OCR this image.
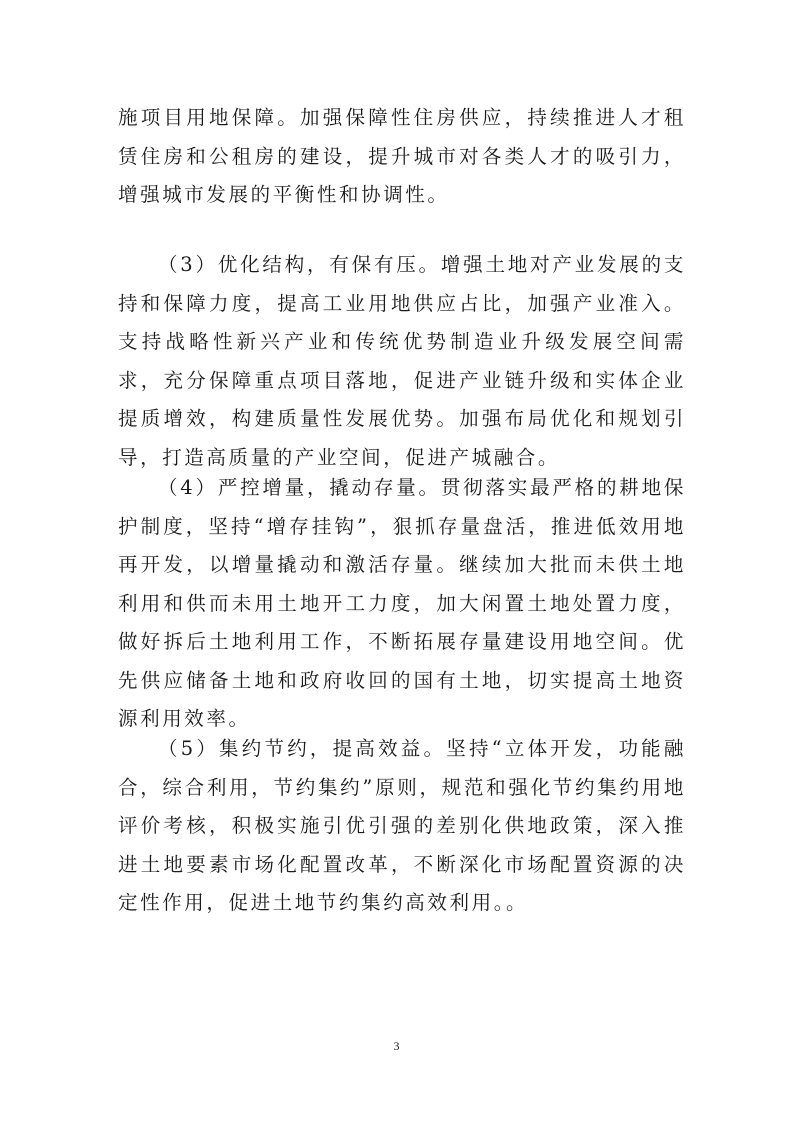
施项目用地保障。加强保障性住房供应，持续推进人才租赁住房和公租房的建设，提升城市对各类人才的吸引力，增强城市发展的平衡性和协调性。

（3）优化结构，有保有压。增强土地对产业发展的支持和保障力度，提高工业用地供应占比，加强产业准入。支持战略性新兴产业和传统优势制造业升级发展空间需求，充分保障重点项目落地，促进产业链升级和实体企业提质增效，构建质量性发展优势。加强布局优化和规划引导，打造高质量的产业空间，促进产城融合。

（4）严控增量，撬动存量。贯彻落实最严格的耕地保护制度，坚持“增存挂钩”，狠抓存量盘活，推进低效用地再开发，以增量撬动和激活存量。继续加大批而未供土地利用和供而未用土地开工力度，加大闲置土地处置力度，做好拆后土地利用工作，不断拓展存量建设用地空间。优先供应储备土地和政府收回的国有土地，切实提高土地资源利用效率。

（5）集约节约，提高效益。坚持“立体开发，功能融合，综合利用，节约集约”原则，规范和强化节约集约用地评价考核，积极实施引优引强的差别化供地政策，深入推进土地要素市场化配置改革，不断深化市场配置资源的决定性作用，促进土地节约集约高效利用。。

3
